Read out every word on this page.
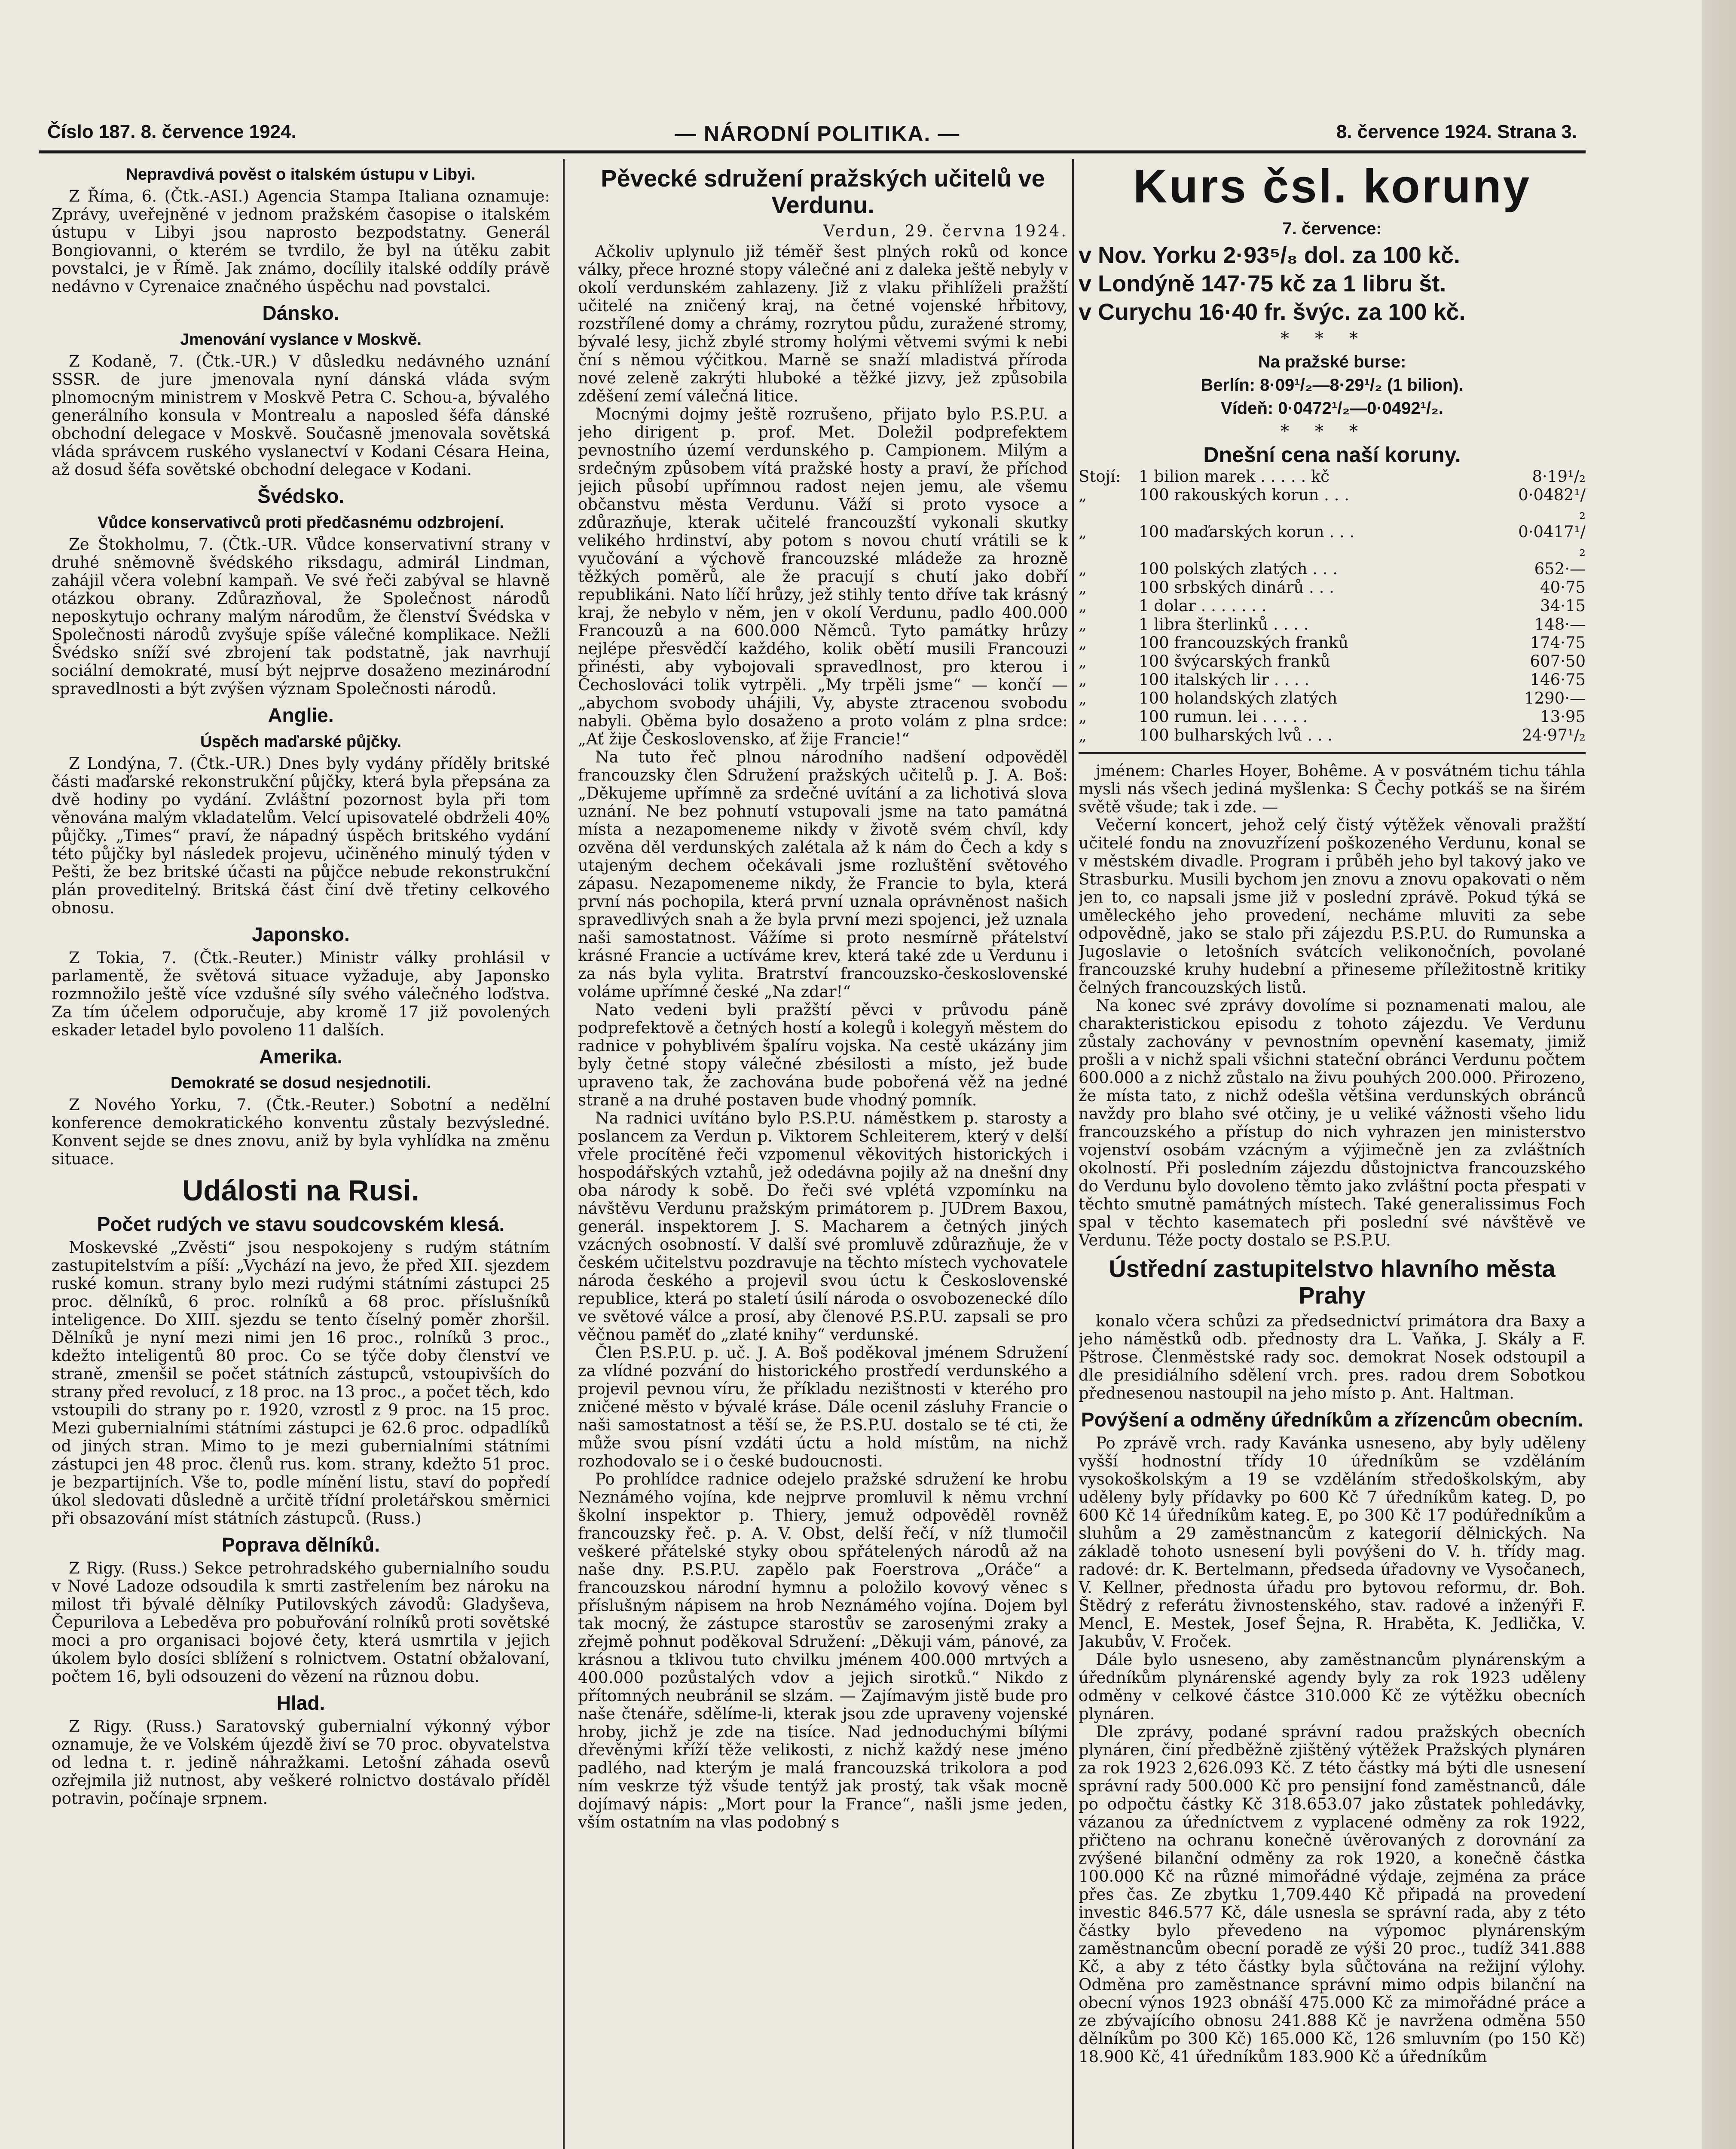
Číslo 187. 8. července 1924.	— NÁRODNÍ POLITIKA. —	8. července 1924. Strana 3.
Nepravdivá pověst o italském ústupu v Libyi.

Z Říma, 6. (Čtk.-ASI.) Agencia Stampa Italiana oznamuje: Zprávy, uveřejněné v jednom pražském časopise o italském ústupu v Libyi jsou naprosto bezpodstatny. Generál Bongiovanni, o kterém se tvrdilo, že byl na útěku zabit povstalci, je v Římě. Jak známo, docílily italské oddíly právě nedávno v Cyrenaice značného úspěchu nad povstalci.

Dánsko.
Jmenování vyslance v Moskvě.

Z Kodaně, 7. (Čtk.-UR.) V důsledku nedávného uznání SSSR. de jure jmenovala nyní dánská vláda svým plnomocným ministrem v Moskvě Petra C. Schou-a, bývalého generálního konsula v Montrealu a naposled šéfa dánské obchodní delegace v Moskvě. Současně jmenovala sovětská vláda správcem ruského vyslanectví v Kodani Césara Heina, až dosud šéfa sovětské obchodní delegace v Kodani.

Švédsko.
Vůdce konservativců proti předčasnému odzbrojení.

Ze Štokholmu, 7. (Čtk.-UR. Vůdce konservativní strany v druhé sněmovně švédského riksdagu, admirál Lindman, zahájil včera volební kampaň. Ve své řeči zabýval se hlavně otázkou obrany. Zdůrazňoval, že Společnost národů neposkytujo ochrany malým národům, že členství Švédska v Společnosti národů zvyšuje spíše válečné komplikace. Nežli Švédsko sníží své zbrojení tak podstatně, jak navrhují sociální demokraté, musí být nejprve dosaženo mezinárodní spravedlnosti a být zvýšen význam Společnosti národů.

Anglie.
Úspěch maďarské půjčky.

Z Londýna, 7. (Čtk.-UR.) Dnes byly vydány příděly britské části maďarské rekonstrukční půjčky, která byla přepsána za dvě hodiny po vydání. Zvláštní pozornost byla při tom věnována malým vkladatelům. Velcí upisovatelé obdrželi 40% půjčky. „Times“ praví, že nápadný úspěch britského vydání této půjčky byl následek projevu, učiněného minulý týden v Pešti, že bez britské účasti na půjčce nebude rekonstrukční plán proveditelný. Britská část činí dvě třetiny celkového obnosu.

Japonsko.

Z Tokia, 7. (Čtk.-Reuter.) Ministr války prohlásil v parlamentě, že světová situace vyžaduje, aby Japonsko rozmnožilo ještě více vzdušné síly svého válečného loďstva. Za tím účelem odporučuje, aby kromě 17 již povolených eskader letadel bylo povoleno 11 dalších.

Amerika.
Demokraté se dosud nesjednotili.

Z Nového Yorku, 7. (Čtk.-Reuter.) Sobotní a nedělní konference demokratického konventu zůstaly bezvýsledné. Konvent sejde se dnes znovu, aniž by byla vyhlídka na změnu situace.

Události na Rusi.
Počet rudých ve stavu soudcovském klesá.

Moskevské „Zvěsti“ jsou nespokojeny s rudým státním zastupitelstvím a píší: „Vychází na jevo, že před XII. sjezdem ruské komun. strany bylo mezi rudými státními zástupci 25 proc. dělníků, 6 proc. rolníků a 68 proc. příslušníků inteligence. Do XIII. sjezdu se tento číselný poměr zhoršil. Dělníků je nyní mezi nimi jen 16 proc., rolníků 3 proc., kdežto inteligentů 80 proc. Co se týče doby členství ve straně, zmenšil se počet státních zástupců, vstoupivších do strany před revolucí, z 18 proc. na 13 proc., a počet těch, kdo vstoupili do strany po r. 1920, vzrostl z 9 proc. na 15 proc. Mezi gubernialními státními zástupci je 62.6 proc. odpadlíků od jiných stran. Mimo to je mezi gubernialními státními zástupci jen 48 proc. členů rus. kom. strany, kdežto 51 proc. je bezpartijních. Vše to, podle mínění listu, staví do popředí úkol sledovati důsledně a určitě třídní proletářskou směrnici při obsazování míst státních zástupců. (Russ.)

Poprava dělníků.

Z Rigy. (Russ.) Sekce petrohradského gubernialního soudu v Nové Ladoze odsoudila k smrti zastřelením bez nároku na milost tři bývalé dělníky Putilovských závodů: Gladyševa, Čepurilova a Lebeděva pro pobuřování rolníků proti sovětské moci a pro organisaci bojové čety, která usmrtila v jejich úkolem bylo dosíci sblížení s rolnictvem. Ostatní obžalovaní, počtem 16, byli odsouzeni do vězení na různou dobu.

Hlad.

Z Rigy. (Russ.) Saratovský gubernialní výkonný výbor oznamuje, že ve Volském újezdě živí se 70 proc. obyvatelstva od ledna t. r. jedině náhražkami. Letošní záhada osevů ozřejmila již nutnost, aby veškeré rolnictvo dostávalo příděl potravin, počínaje srpnem.

Pěvecké sdružení pražských učitelů ve Verdunu.
Verdun, 29. června 1924.

Ačkoliv uplynulo již téměř šest plných roků od konce války, přece hrozné stopy válečné ani z daleka ještě nebyly v okolí verdunském zahlazeny. Již z vlaku přihlíželi pražští učitelé na zničený kraj, na četné vojenské hřbitovy, rozstřílené domy a chrámy, rozrytou půdu, zuražené stromy, bývalé lesy, jichž zbylé stromy holými větvemi svými k nebi ční s němou výčitkou. Marně se snaží mladistvá příroda nové zeleně zakrýti hluboké a těžké jizvy, jež způsobila zděšení zemí válečná litice.

Mocnými dojmy ještě rozrušeno, přijato bylo P.S.P.U. a jeho dirigent p. prof. Met. Doležil podprefektem pevnostního území verdunského p. Campionem. Milým a srdečným způsobem vítá pražské hosty a praví, že příchod jejich působí upřímnou radost nejen jemu, ale všemu občanstvu města Verdunu. Váží si proto vysoce a zdůrazňuje, kterak učitelé francouzští vykonali skutky velikého hrdinství, aby potom s novou chutí vrátili se k vyučování a výchově francouzské mládeže za hrozně těžkých poměrů, ale že pracují s chutí jako dobří republikáni. Nato líčí hrůzy, jež stihly tento dříve tak krásný kraj, že nebylo v něm, jen v okolí Verdunu, padlo 400.000 Francouzů a na 600.000 Němců. Tyto památky hrůzy nejlépe přesvědčí každého, kolik obětí musili Francouzi přinésti, aby vybojovali spravedlnost, pro kterou i Čechoslováci tolik vytrpěli. „My trpěli jsme“ — končí — „abychom svobody uhájili, Vy, abyste ztracenou svobodu nabyli. Oběma bylo dosaženo a proto volám z plna srdce: „Ať žije Československo, ať žije Francie!“

Na tuto řeč plnou národního nadšení odpověděl francouzsky člen Sdružení pražských učitelů p. J. A. Boš: „Děkujeme upřímně za srdečné uvítání a za lichotivá slova uznání. Ne bez pohnutí vstupovali jsme na tato památná místa a nezapomeneme nikdy v životě svém chvíl, kdy ozvěna děl verdunských zalétala až k nám do Čech a kdy s utajeným dechem očekávali jsme rozluštění světového zápasu. Nezapomeneme nikdy, že Francie to byla, která první nás pochopila, která první uznala oprávněnost našich spravedlivých snah a že byla první mezi spojenci, jež uznala naši samostatnost. Vážíme si proto nesmírně přátelství krásné Francie a uctíváme krev, která také zde u Verdunu i za nás byla vylita. Bratrství francouzsko-československé voláme upřímné české „Na zdar!“

Nato vedeni byli pražští pěvci v průvodu páně podprefektově a četných hostí a kolegů i kolegyň městem do radnice v pohyblivém špalíru vojska. Na cestě ukázány jim byly četné stopy válečné zbésilosti a místo, jež bude upraveno tak, že zachována bude pobořená věž na jedné straně a na druhé postaven bude vhodný pomník.

Na radnici uvítáno bylo P.S.P.U. náměstkem p. starosty a poslancem za Verdun p. Viktorem Schleiterem, který v delší vřele procítěné řeči vzpomenul věkovitých historických i hospodářských vztahů, jež odedávna pojily až na dnešní dny oba národy k sobě. Do řeči své vplétá vzpomínku na návštěvu Verdunu pražským primátorem p. JUDrem Baxou, generál. inspektorem J. S. Macharem a četných jiných vzácných osobností. V další své promluvě zdůrazňuje, že v českém učitelstvu pozdravuje na těchto místech vychovatele národa českého a projevil svou úctu k Československé republice, která po staletí úsilí národa o osvobozenecké dílo ve světové válce a prosí, aby členové P.S.P.U. zapsali se pro věčnou paměť do „zlaté knihy“ verdunské.

Člen P.S.P.U. p. uč. J. A. Boš poděkoval jménem Sdružení za vlídné pozvání do historického prostředí verdunského a projevil pevnou víru, že příkladu nezištnosti v kterého pro zničené město v bývalé kráse. Dále ocenil zásluhy Francie o naši samostatnost a těší se, že P.S.P.U. dostalo se té cti, že může svou písní vzdáti úctu a hold místům, na nichž rozhodovalo se i o české budoucnosti.

Po prohlídce radnice odejelo pražské sdružení ke hrobu Neznámého vojína, kde nejprve promluvil k němu vrchní školní inspektor p. Thiery, jemuž odpověděl rovněž francouzsky řeč. p. A. V. Obst, delší řečí, v níž tlumočil veškeré přátelské styky obou spřátelených národů až na naše dny. P.S.P.U. zapělo pak Foerstrova „Oráče“ a francouzskou národní hymnu a položilo kovový věnec s příslušným nápisem na hrob Neznámého vojína. Dojem byl tak mocný, že zástupce starostův se zarosenými zraky a zřejmě pohnut poděkoval Sdružení: „Děkuji vám, pánové, za krásnou a tklivou tuto chvilku jménem 400.000 mrtvých a 400.000 pozůstalých vdov a jejich sirotků.“ Nikdo z přítomných neubránil se slzám. — Zajímavým jistě bude pro naše čtenáře, sdělíme-li, kterak jsou zde upraveny vojenské hroby, jichž je zde na tisíce. Nad jednoduchými bílými dřevěnými kříží těže velikosti, z nichž každý nese jméno padlého, nad kterým je malá francouzská trikolora a pod ním veskrze týž všude tentýž jak prostý, tak však mocně dojímavý nápis: „Mort pour la France“, našli jsme jeden, vším ostatním na vlas podobný s

Kurs čsl. koruny
7. července:

v Nov. Yorku 2·93⁵/₈ dol. za 100 kč.

v Londýně 147·75 kč za 1 libru št.

v Curychu 16·40 fr. švýc. za 100 kč.

***
Na pražské burse:
Berlín: 8·09¹/₂—8·29¹/₂ (1 bilion).
Vídeň: 0·0472¹/₂—0·0492¹/₂.
***
Dnešní cena naší koruny.
Stojí:	1 bilion marek . . . . . kč	8·19¹/₂
„	100 rakouských korun . . .	0·0482¹/₂
„	100 maďarských korun . . .	0·0417¹/₂
„	100 polských zlatých . . .	652·—
„	100 srbských dinárů . . .	40·75
„	1 dolar . . . . . . .	34·15
„	1 libra šterlinků . . . .	148·—
„	100 francouzských franků	174·75
„	100 švýcarských franků	607·50
„	100 italských lir . . . .	146·75
„	100 holandských zlatých	1290·—
„	100 rumun. lei . . . . .	13·95
„	100 bulharských lvů . . .	24·97¹/₂

jménem: Charles Hoyer, Bohême. A v posvátném tichu táhla mysli nás všech jediná myšlenka: S Čechy potkáš se na širém světě všude; tak i zde. —

Večerní koncert, jehož celý čistý výtěžek věnovali pražští učitelé fondu na znovuzřízení poškozeného Verdunu, konal se v městském divadle. Program i průběh jeho byl takový jako ve Strasburku. Musili bychom jen znovu a znovu opakovati o něm jen to, co napsali jsme již v poslední zprávě. Pokud týká se uměleckého jeho provedení, necháme mluviti za sebe odpovědně, jako se stalo při zájezdu P.S.P.U. do Rumunska a Jugoslavie o letošních svátcích velikonočních, povolané francouzské kruhy hudební a přineseme příležitostně kritiky čelných francouzských listů.

Na konec své zprávy dovolíme si poznamenati malou, ale charakteristickou episodu z tohoto zájezdu. Ve Verdunu zůstaly zachovány v pevnostním opevnění kasematy, jimiž prošli a v nichž spali všichni stateční obránci Verdunu počtem 600.000 a z nichž zůstalo na živu pouhých 200.000. Přirozeno, že místa tato, z nichž odešla většina verdunských obránců navždy pro blaho své otčiny, je u veliké vážnosti všeho lidu francouzského a přístup do nich vyhrazen jen ministerstvo vojenství osobám vzácným a výjimečně jen za zvláštních okolností. Při posledním zájezdu důstojnictva francouzského do Verdunu bylo dovoleno těmto jako zvláštní pocta přespati v těchto smutně památných místech. Také generalissimus Foch spal v těchto kasematech při poslední své návštěvě ve Verdunu. Téže pocty dostalo se P.S.P.U.

Ústřední zastupitelstvo hlavního města Prahy

konalo včera schůzi za předsednictví primátora dra Baxy a jeho náměstků odb. přednosty dra L. Vaňka, J. Skály a F. Pštrose. Členměstské rady soc. demokrat Nosek odstoupil a dle presidiálního sdělení vrch. pres. radou drem Sobotkou přednesenou nastoupil na jeho místo p. Ant. Haltman.

Povýšení a odměny úředníkům a zřízencům obecním.

Po zprávě vrch. rady Kavánka usneseno, aby byly uděleny vyšší hodnostní třídy 10 úředníkům se vzděláním vysokoškolským a 19 se vzděláním středoškolským, aby uděleny byly přídavky po 600 Kč 7 úředníkům kateg. D, po 600 Kč 14 úředníkům kateg. E, po 300 Kč 17 podúředníkům a sluhům a 29 zaměstnancům z kategorií dělnických. Na základě tohoto usnesení byli povýšeni do V. h. třídy mag. radové: dr. K. Bertelmann, předseda úřadovny ve Vysočanech, V. Kellner, přednosta úřadu pro bytovou reformu, dr. Boh. Štědrý z referátu živnostenského, stav. radové a inženýři F. Mencl, E. Mestek, Josef Šejna, R. Hraběta, K. Jedlička, V. Jakubův, V. Froček.

Dále bylo usneseno, aby zaměstnancům plynárenským a úředníkům plynárenské agendy byly za rok 1923 uděleny odměny v celkové částce 310.000 Kč ze výtěžku obecních plynáren.

Dle zprávy, podané správní radou pražských obecních plynáren, činí předběžně zjištěný výtěžek Pražských plynáren za rok 1923 2,626.093 Kč. Z této částky má býti dle usnesení správní rady 500.000 Kč pro pensijní fond zaměstnanců, dále po odpočtu částky Kč 318.653.07 jako zůstatek pohledávky, vázanou za úředníctvem z vyplacené odměny za rok 1922, přičteno na ochranu konečně úvěrovaných z dorovnání za zvýšené bilanční odměny za rok 1920, a konečně částka 100.000 Kč na různé mimořádné výdaje, zejména za práce přes čas. Ze zbytku 1,709.440 Kč připadá na provedení investic 846.577 Kč, dále usnesla se správní rada, aby z této částky bylo převedeno na výpomoc plynárenským zaměstnancům obecní poradě ze výši 20 proc., tudíž 341.888 Kč, a aby z této částky byla sůčtována na režijní výlohy. Odměna pro zaměstnance správní mimo odpis bilanční na obecní výnos 1923 obnáší 475.000 Kč za mimořádné práce a ze zbývajícího obnosu 241.888 Kč je navržena odměna 550 dělníkům po 300 Kč) 165.000 Kč, 126 smluvním (po 150 Kč) 18.900 Kč, 41 úředníkům 183.900 Kč a úředníkům
